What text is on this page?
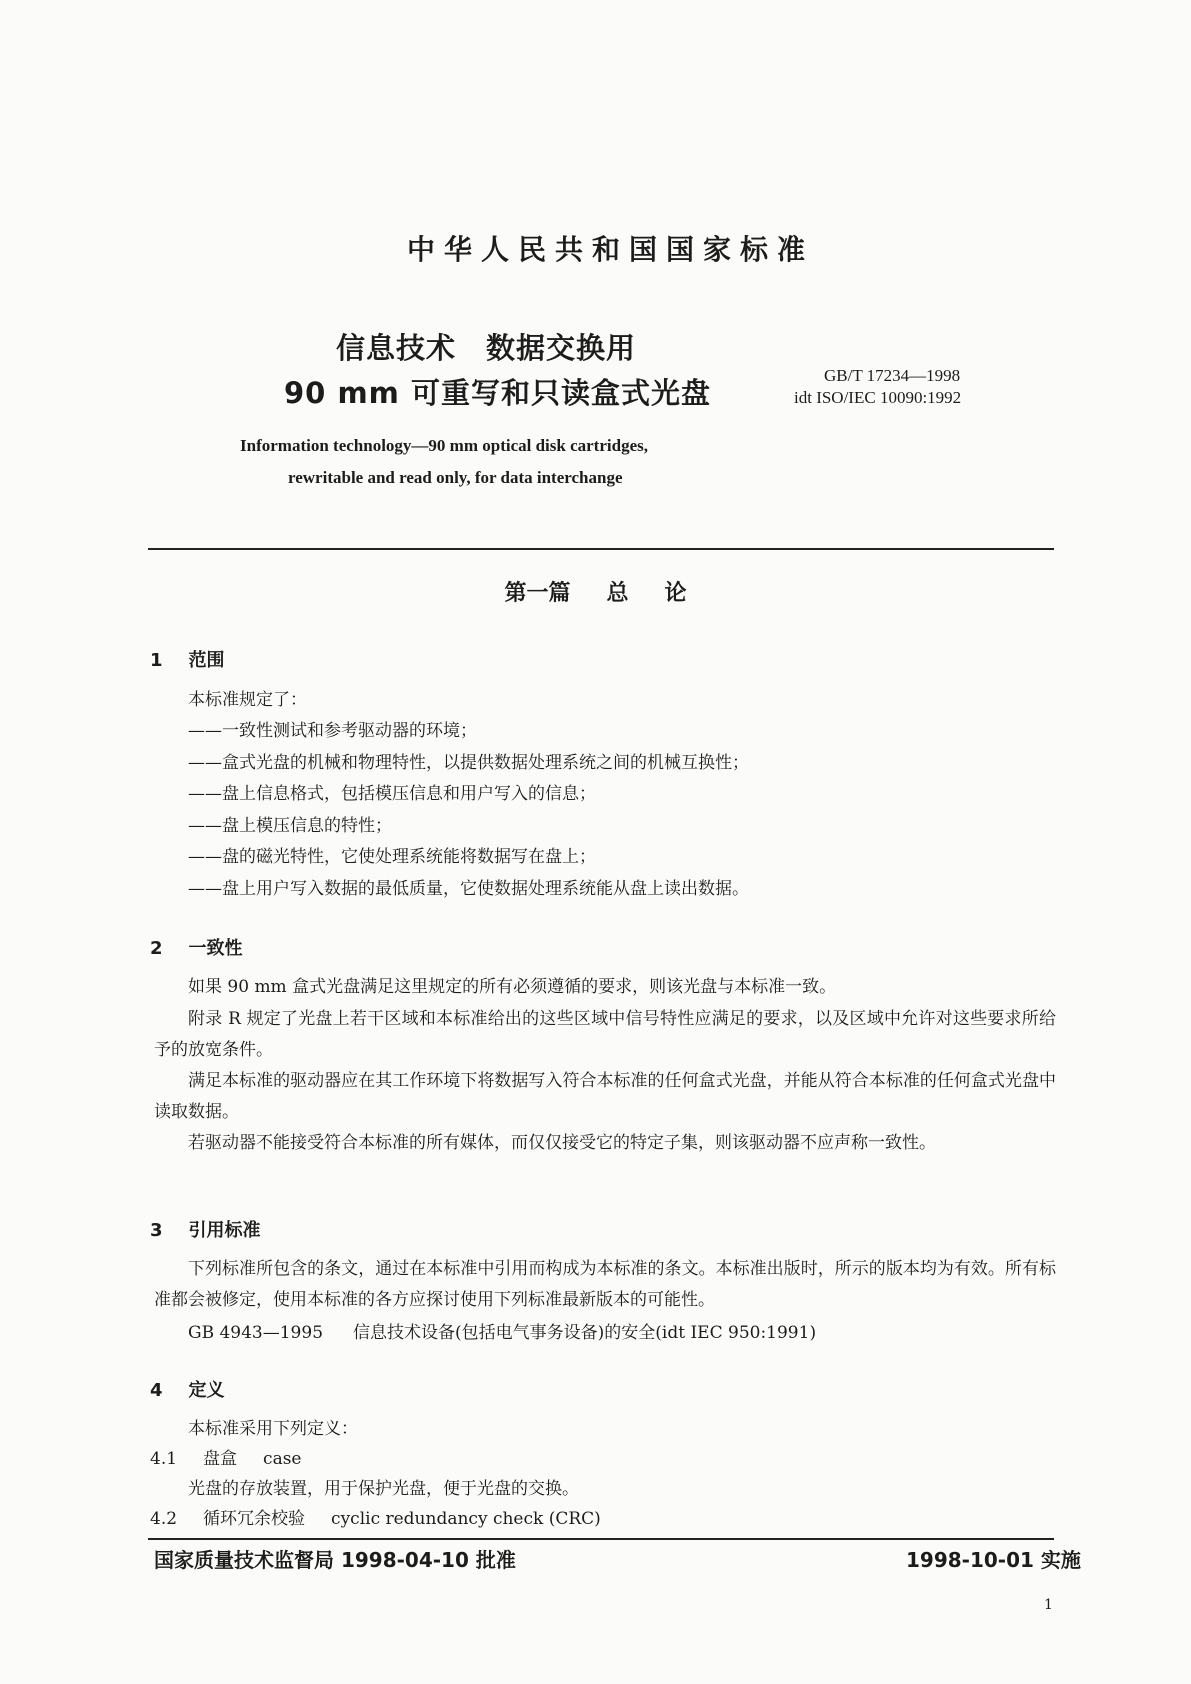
中华人民共和国国家标准
信息技术 数据交换用
90 mm 可重写和只读盒式光盘
GB/T 17234—1998
idt ISO/IEC 10090:1992
Information technology—90 mm optical disk cartridges,
rewritable and read only, for data interchange
第一篇 总 论
1 范围
本标准规定了：
——一致性测试和参考驱动器的环境；
——盒式光盘的机械和物理特性，以提供数据处理系统之间的机械互换性；
——盘上信息格式，包括模压信息和用户写入的信息；
——盘上模压信息的特性；
——盘的磁光特性，它使处理系统能将数据写在盘上；
——盘上用户写入数据的最低质量，它使数据处理系统能从盘上读出数据。
2 一致性
如果 90 mm 盒式光盘满足这里规定的所有必须遵循的要求，则该光盘与本标准一致。
附录 R 规定了光盘上若干区域和本标准给出的这些区域中信号特性应满足的要求，以及区域中允许对这些要求所给予的放宽条件。
满足本标准的驱动器应在其工作环境下将数据写入符合本标准的任何盒式光盘，并能从符合本标准的任何盒式光盘中读取数据。
若驱动器不能接受符合本标准的所有媒体，而仅仅接受它的特定子集，则该驱动器不应声称一致性。
3 引用标准
下列标准所包含的条文，通过在本标准中引用而构成为本标准的条文。本标准出版时，所示的版本均为有效。所有标准都会被修定，使用本标准的各方应探讨使用下列标准最新版本的可能性。
GB 4943—1995 信息技术设备(包括电气事务设备)的安全(idt IEC 950:1991)
4 定义
本标准采用下列定义：
4.1 盘盒 case
光盘的存放装置，用于保护光盘，便于光盘的交换。
4.2 循环冗余校验 cyclic redundancy check (CRC)
国家质量技术监督局 1998-04-10 批准	1998-10-01 实施
1
